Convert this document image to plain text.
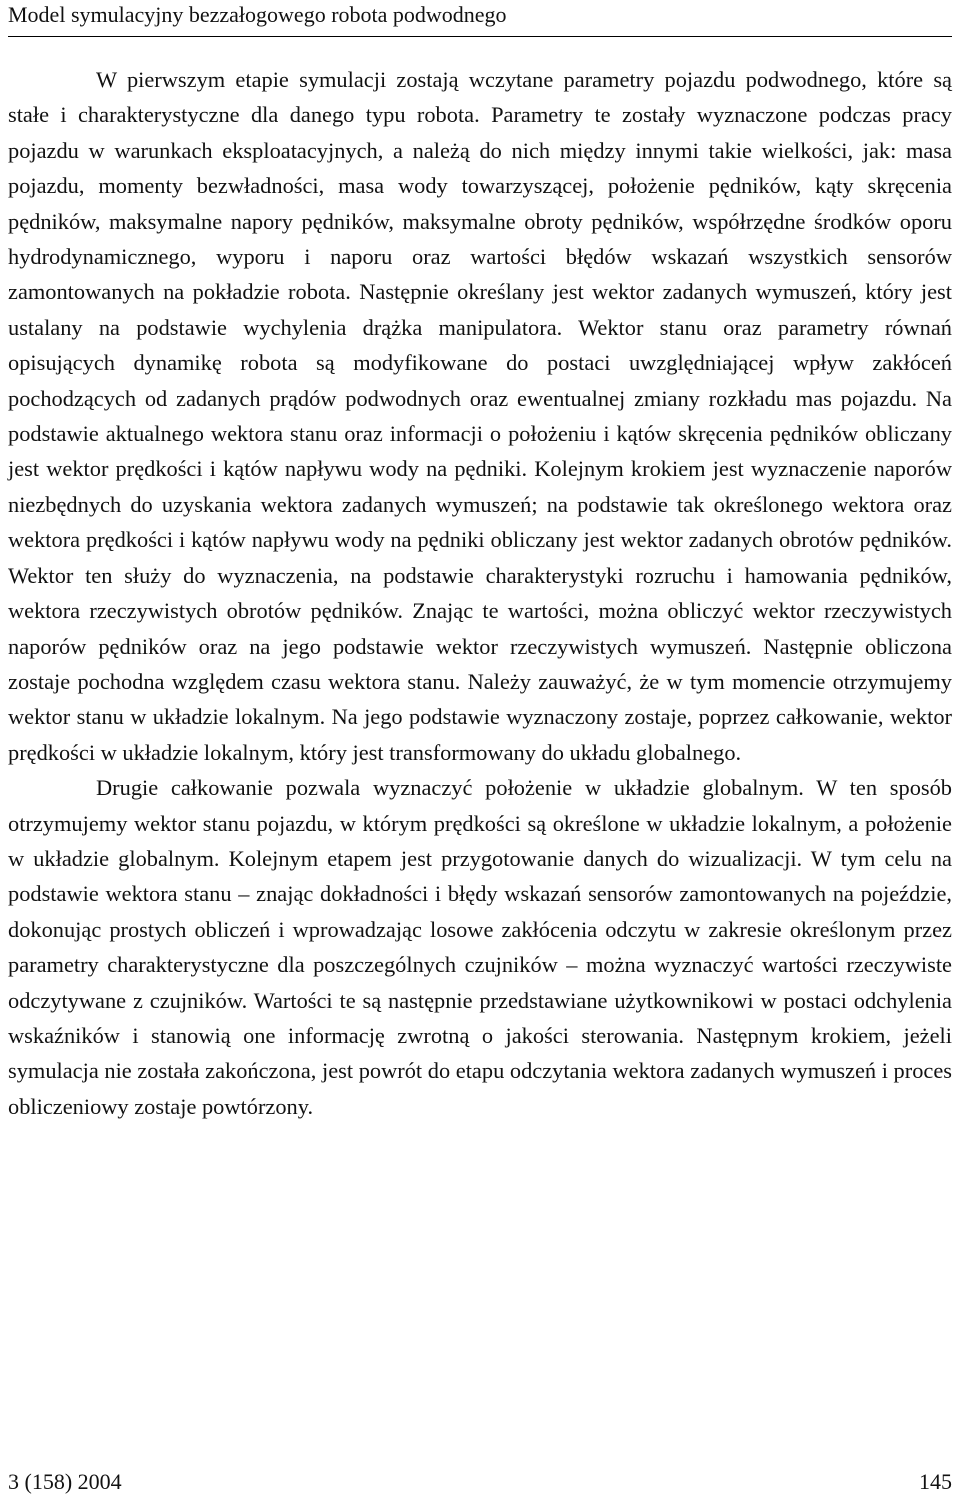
Model symulacyjny bezzałogowego robota podwodnego

W pierwszym etapie symulacji zostają wczytane parametry pojazdu podwodnego, które są stałe i charakterystyczne dla danego typu robota. Parametry te zostały wyznaczone podczas pracy pojazdu w warunkach eksploatacyjnych, a należą do nich między innymi takie wielkości, jak: masa pojazdu, momenty bezwładności, masa wody towarzyszącej, położenie pędników, kąty skręcenia pędników, maksymalne napory pędników, maksymalne obroty pędników, współrzędne środków oporu hydrodynamicznego, wyporu i naporu oraz wartości błędów wskazań wszystkich sensorów zamontowanych na pokładzie robota. Następnie określany jest wektor zadanych wymuszeń, który jest ustalany na podstawie wychylenia drążka manipulatora. Wektor stanu oraz parametry równań opisujących dynamikę robota są modyfikowane do postaci uwzględniającej wpływ zakłóceń pochodzących od zadanych prądów podwodnych oraz ewentualnej zmiany rozkładu mas pojazdu. Na podstawie aktualnego wektora stanu oraz informacji o położeniu i kątów skręcenia pędników obliczany jest wektor prędkości i kątów napływu wody na pędniki. Kolejnym krokiem jest wyznaczenie naporów niezbędnych do uzyskania wektora zadanych wymuszeń; na podstawie tak określonego wektora oraz wektora prędkości i kątów napływu wody na pędniki obliczany jest wektor zadanych obrotów pędników. Wektor ten służy do wyznaczenia, na podstawie charakterystyki rozruchu i hamowania pędników, wektora rzeczywistych obrotów pędników. Znając te wartości, można obliczyć wektor rzeczywistych naporów pędników oraz na jego podstawie wektor rzeczywistych wymuszeń. Następnie obliczona zostaje pochodna względem czasu wektora stanu. Należy zauważyć, że w tym momencie otrzymujemy wektor stanu w układzie lokalnym. Na jego podstawie wyznaczony zostaje, poprzez całkowanie, wektor prędkości w układzie lokalnym, który jest transformowany do układu globalnego.

Drugie całkowanie pozwala wyznaczyć położenie w układzie globalnym. W ten sposób otrzymujemy wektor stanu pojazdu, w którym prędkości są określone w układzie lokalnym, a położenie w układzie globalnym. Kolejnym etapem jest przygotowanie danych do wizualizacji. W tym celu na podstawie wektora stanu – znając dokładności i błędy wskazań sensorów zamontowanych na pojeździe, dokonując prostych obliczeń i wprowadzając losowe zakłócenia odczytu w zakresie określonym przez parametry charakterystyczne dla poszczególnych czujników – można wyznaczyć wartości rzeczywiste odczytywane z czujników. Wartości te są następnie przedstawiane użytkownikowi w postaci odchylenia wskaźników i stanowią one informację zwrotną o jakości sterowania. Następnym krokiem, jeżeli symulacja nie została zakończona, jest powrót do etapu odczytania wektora zadanych wymuszeń i proces obliczeniowy zostaje powtórzony.

3 (158) 2004	145
